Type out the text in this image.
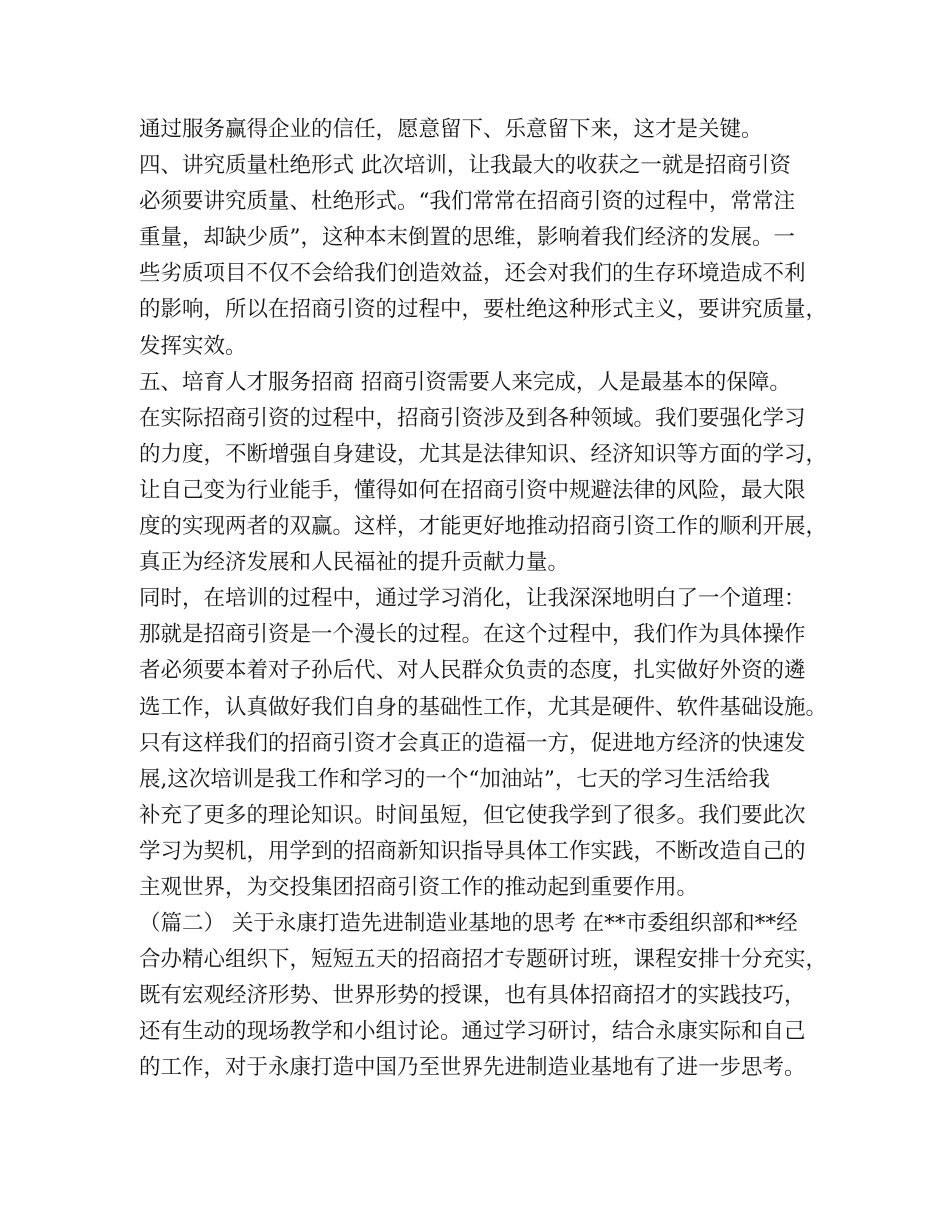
通过服务赢得企业的信任，愿意留下、乐意留下来，这才是关键。
四、讲究质量杜绝形式 此次培训，让我最大的收获之一就是招商引资
必须要讲究质量、杜绝形式。“我们常常在招商引资的过程中，常常注
重量，却缺少质”，这种本末倒置的思维，影响着我们经济的发展。一
些劣质项目不仅不会给我们创造效益，还会对我们的生存环境造成不利
的影响，所以在招商引资的过程中，要杜绝这种形式主义，要讲究质量，
发挥实效。
五、培育人才服务招商 招商引资需要人来完成，人是最基本的保障。
在实际招商引资的过程中，招商引资涉及到各种领域。我们要强化学习
的力度，不断增强自身建设，尤其是法律知识、经济知识等方面的学习，
让自己变为行业能手，懂得如何在招商引资中规避法律的风险，最大限
度的实现两者的双赢。这样，才能更好地推动招商引资工作的顺利开展，
真正为经济发展和人民福祉的提升贡献力量。
同时，在培训的过程中，通过学习消化，让我深深地明白了一个道理：
那就是招商引资是一个漫长的过程。在这个过程中，我们作为具体操作
者必须要本着对子孙后代、对人民群众负责的态度，扎实做好外资的遴
选工作，认真做好我们自身的基础性工作，尤其是硬件、软件基础设施。
只有这样我们的招商引资才会真正的造福一方，促进地方经济的快速发
展,这次培训是我工作和学习的一个“加油站”，七天的学习生活给我
补充了更多的理论知识。时间虽短，但它使我学到了很多。我们要此次
学习为契机，用学到的招商新知识指导具体工作实践，不断改造自己的
主观世界，为交投集团招商引资工作的推动起到重要作用。
（篇二） 关于永康打造先进制造业基地的思考 在**市委组织部和**经
合办精心组织下，短短五天的招商招才专题研讨班，课程安排十分充实，
既有宏观经济形势、世界形势的授课，也有具体招商招才的实践技巧，
还有生动的现场教学和小组讨论。通过学习研讨，结合永康实际和自己
的工作，对于永康打造中国乃至世界先进制造业基地有了进一步思考。
